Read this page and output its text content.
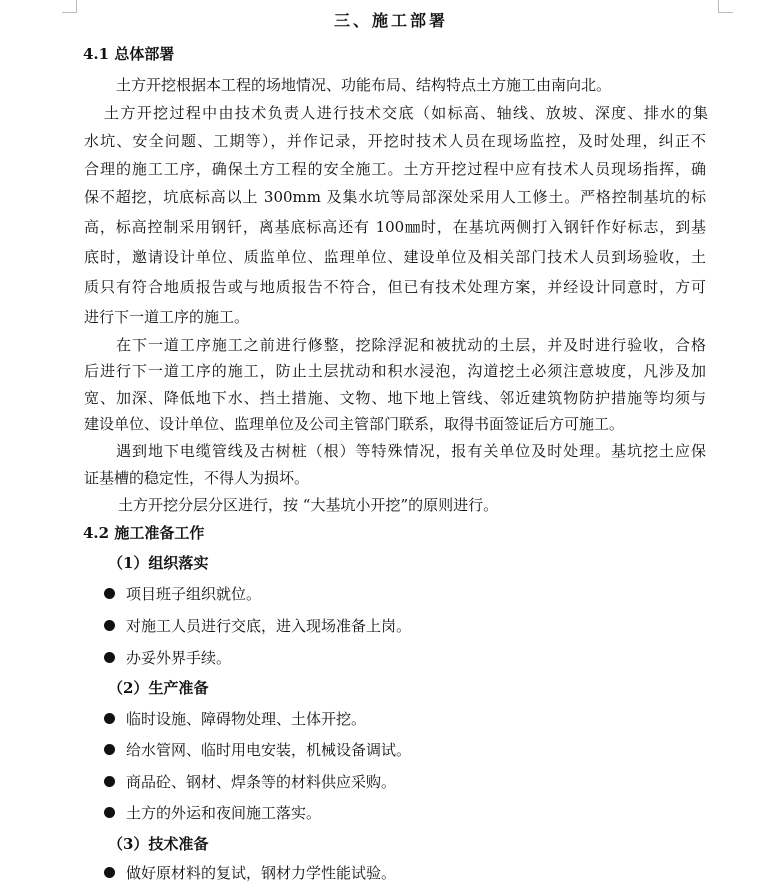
三、施工部署
4.1 总体部署
土方开挖根据本工程的场地情况、功能布局、结构特点土方施工由南向北。
土方开挖过程中由技术负责人进行技术交底（如标高、轴线、放坡、深度、排水的集
水坑、安全问题、工期等），并作记录，开挖时技术人员在现场监控，及时处理，纠正不
合理的施工工序，确保土方工程的安全施工。土方开挖过程中应有技术人员现场指挥，确
保不超挖，坑底标高以上 300mm 及集水坑等局部深处采用人工修土。严格控制基坑的标
高，标高控制采用钢钎，离基底标高还有 100㎜时，在基坑两侧打入钢钎作好标志，到基
底时，邀请设计单位、质监单位、监理单位、建设单位及相关部门技术人员到场验收，土
质只有符合地质报告或与地质报告不符合，但已有技术处理方案，并经设计同意时，方可
进行下一道工序的施工。
在下一道工序施工之前进行修整，挖除浮泥和被扰动的土层，并及时进行验收，合格
后进行下一道工序的施工，防止土层扰动和积水浸泡，沟道挖土必须注意坡度，凡涉及加
宽、加深、降低地下水、挡土措施、文物、地下地上管线、邻近建筑物防护措施等均须与
建设单位、设计单位、监理单位及公司主管部门联系，取得书面签证后方可施工。
遇到地下电缆管线及古树桩（根）等特殊情况，报有关单位及时处理。基坑挖土应保
证基槽的稳定性，不得人为损坏。
土方开挖分层分区进行，按 “大基坑小开挖”的原则进行。
4.2 施工准备工作
（1）组织落实
项目班子组织就位。
对施工人员进行交底，进入现场准备上岗。
办妥外界手续。
（2）生产准备
临时设施、障碍物处理、土体开挖。
给水管网、临时用电安装，机械设备调试。
商品砼、钢材、焊条等的材料供应采购。
土方的外运和夜间施工落实。
（3）技术准备
做好原材料的复试，钢材力学性能试验。
